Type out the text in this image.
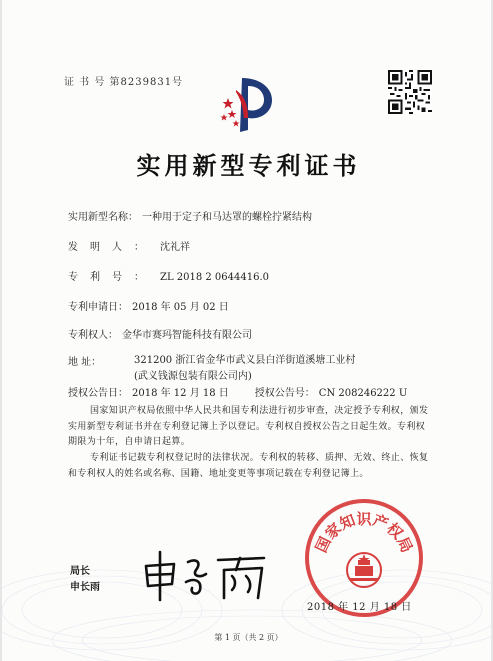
证 书 号 第8239831号
实用新型专利证书
实用新型名称： 一种用于定子和马达罩的螺栓拧紧结构
发明人： 沈礼祥
专利号： ZL 2018 2 0644416.0
专利申请日： 2018 年 05 月 02 日
专利权人： 金华市赛玛智能科技有限公司
地 址：	321200 浙江省金华市武义县白洋街道溪塘工业村(武义钱源包装有限公司内)
授权公告日： 2018 年 12 月 18 日	授权公告号： CN 208246222 U
国家知识产权局依照中华人民共和国专利法进行初步审查，决定授予专利权，颁发实用新型专利证书并在专利登记簿上予以登记。专利权自授权公告之日起生效。专利权期限为十年，自申请日起算。
专利证书记载专利权登记时的法律状况。专利权的转移、质押、无效、终止、恢复和专利权人的姓名或名称、国籍、地址变更等事项记载在专利登记簿上。
局长
申长雨
国家知识产权局
2018 年 12 月 18 日
第 1 页（共 2 页）
